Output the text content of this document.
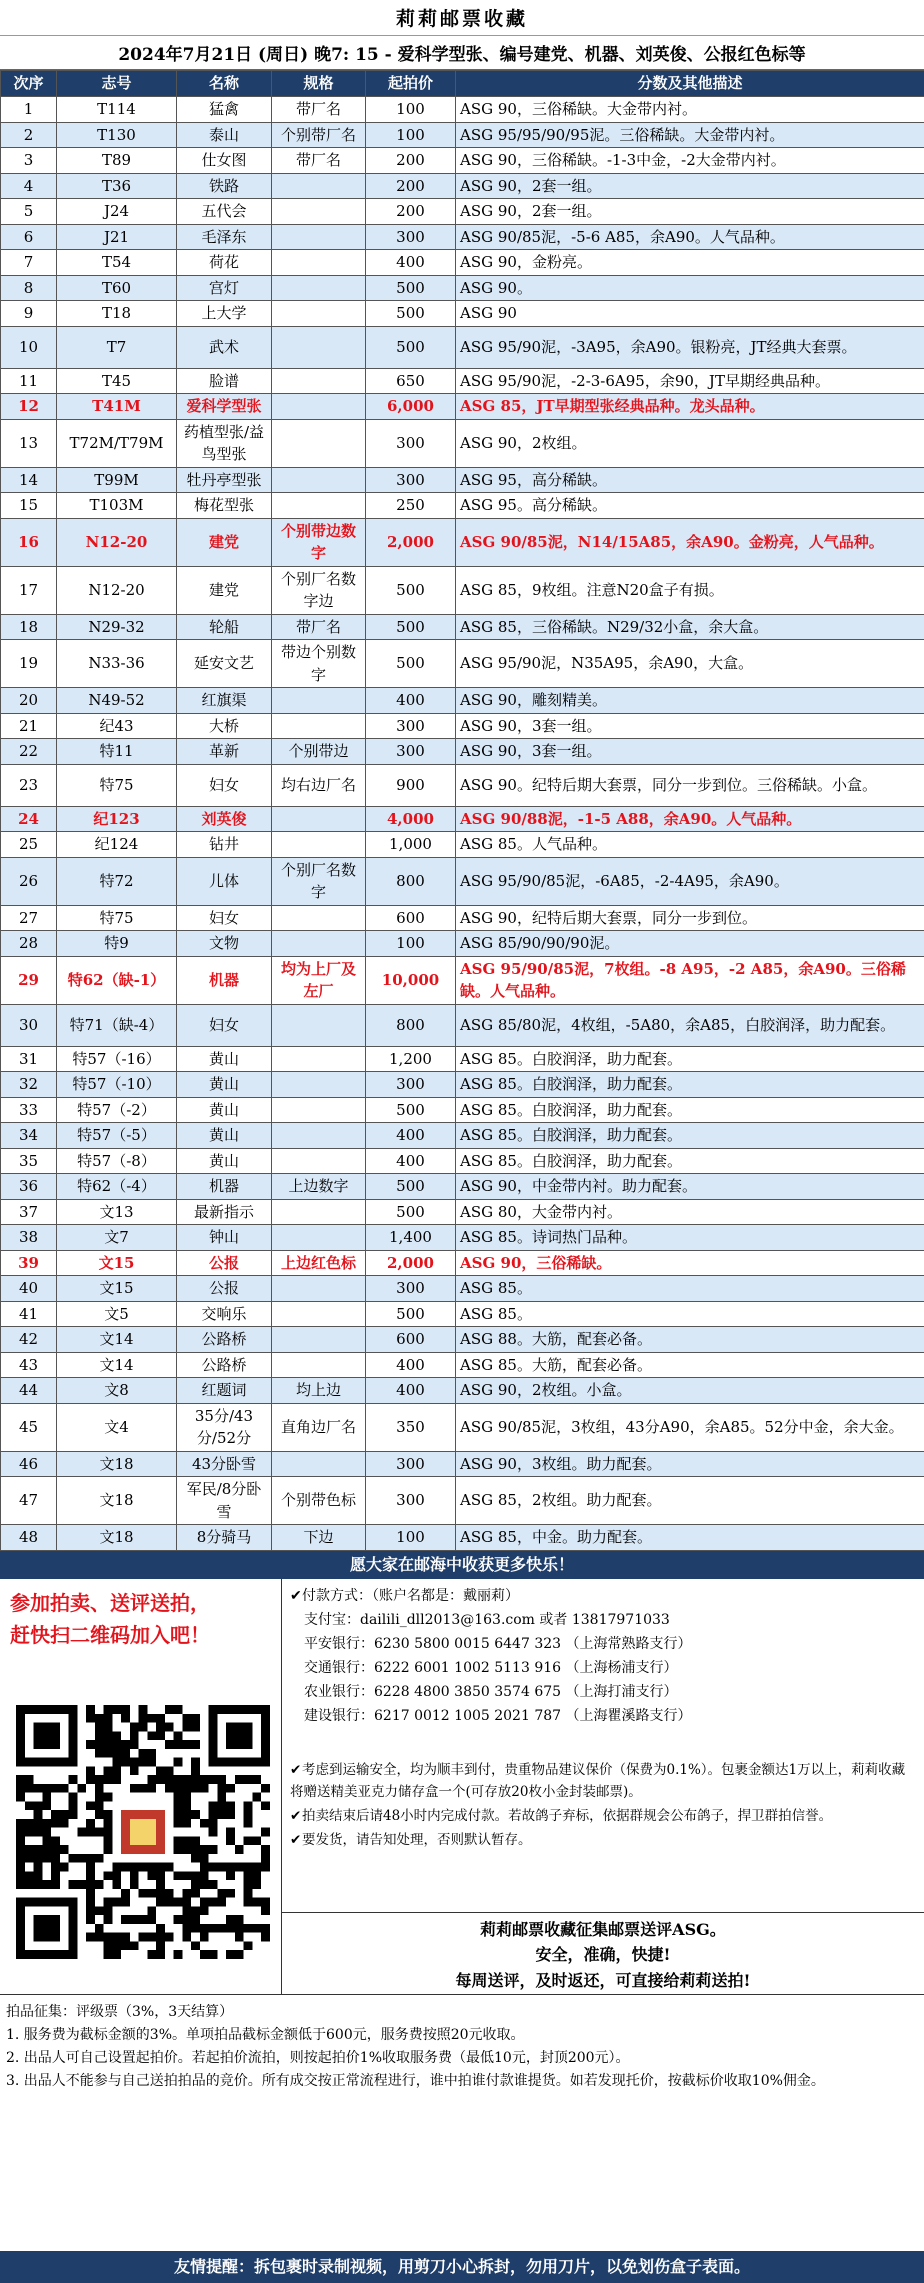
莉莉邮票收藏
2024年7月21日 (周日) 晚7: 15 - 爱科学型张、编号建党、机器、刘英俊、公报红色标等
次序	志号	名称	规格	起拍价	分数及其他描述
1	T114	猛禽	带厂名	100	ASG 90，三俗稀缺。大金带内衬。
2	T130	泰山	个别带厂名	100	ASG 95/95/90/95泥。三俗稀缺。大金带内衬。
3	T89	仕女图	带厂名	200	ASG 90，三俗稀缺。-1-3中金，-2大金带内衬。
4	T36	铁路		200	ASG 90，2套一组。
5	J24	五代会		200	ASG 90，2套一组。
6	J21	毛泽东		300	ASG 90/85泥，-5-6 A85，余A90。人气品种。
7	T54	荷花		400	ASG 90，金粉亮。
8	T60	宫灯		500	ASG 90。
9	T18	上大学		500	ASG 90
10	T7	武术		500	ASG 95/90泥，-3A95，余A90。银粉亮，JT经典大套票。
11	T45	脸谱		650	ASG 95/90泥，-2-3-6A95，余90，JT早期经典品种。
12	T41M	爱科学型张		6,000	ASG 85，JT早期型张经典品种。龙头品种。
13	T72M/T79M	药植型张/益鸟型张		300	ASG 90，2枚组。
14	T99M	牡丹亭型张		300	ASG 95，高分稀缺。
15	T103M	梅花型张		250	ASG 95。高分稀缺。
16	N12-20	建党	个别带边数字	2,000	ASG 90/85泥，N14/15A85，余A90。金粉亮，人气品种。
17	N12-20	建党	个别厂名数字边	500	ASG 85，9枚组。注意N20盒子有损。
18	N29-32	轮船	带厂名	500	ASG 85，三俗稀缺。N29/32小盒，余大盒。
19	N33-36	延安文艺	带边个别数字	500	ASG 95/90泥，N35A95，余A90，大盒。
20	N49-52	红旗渠		400	ASG 90，雕刻精美。
21	纪43	大桥		300	ASG 90，3套一组。
22	特11	革新	个别带边	300	ASG 90，3套一组。
23	特75	妇女	均右边厂名	900	ASG 90。纪特后期大套票，同分一步到位。三俗稀缺。小盒。
24	纪123	刘英俊		4,000	ASG 90/88泥，-1-5 A88，余A90。人气品种。
25	纪124	钻井		1,000	ASG 85。人气品种。
26	特72	儿体	个别厂名数字	800	ASG 95/90/85泥，-6A85，-2-4A95，余A90。
27	特75	妇女		600	ASG 90，纪特后期大套票，同分一步到位。
28	特9	文物		100	ASG 85/90/90/90泥。
29	特62（缺-1）	机器	均为上厂及左厂	10,000	ASG 95/90/85泥，7枚组。-8 A95，-2 A85，余A90。三俗稀缺。人气品种。
30	特71（缺-4）	妇女		800	ASG 85/80泥，4枚组，-5A80，余A85，白胶润泽，助力配套。
31	特57（-16）	黄山		1,200	ASG 85。白胶润泽，助力配套。
32	特57（-10）	黄山		300	ASG 85。白胶润泽，助力配套。
33	特57（-2）	黄山		500	ASG 85。白胶润泽，助力配套。
34	特57（-5）	黄山		400	ASG 85。白胶润泽，助力配套。
35	特57（-8）	黄山		400	ASG 85。白胶润泽，助力配套。
36	特62（-4）	机器	上边数字	500	ASG 90，中金带内衬。助力配套。
37	文13	最新指示		500	ASG 80，大金带内衬。
38	文7	钟山		1,400	ASG 85。诗词热门品种。
39	文15	公报	上边红色标	2,000	ASG 90，三俗稀缺。
40	文15	公报		300	ASG 85。
41	文5	交响乐		500	ASG 85。
42	文14	公路桥		600	ASG 88。大筋，配套必备。
43	文14	公路桥		400	ASG 85。大筋，配套必备。
44	文8	红题词	均上边	400	ASG 90，2枚组。小盒。
45	文4	35分/43分/52分	直角边厂名	350	ASG 90/85泥，3枚组，43分A90，余A85。52分中金，余大金。
46	文18	43分卧雪		300	ASG 90，3枚组。助力配套。
47	文18	军民/8分卧雪	个别带色标	300	ASG 85，2枚组。助力配套。
48	文18	8分骑马	下边	100	ASG 85，中金。助力配套。
愿大家在邮海中收获更多快乐！
参加拍卖、送评送拍，
赶快扫二维码加入吧！
✔付款方式：（账户名都是：戴丽莉）
支付宝：dailili_dll2013@163.com 或者 13817971033
平安银行：6230 5800 0015 6447 323 （上海常熟路支行）
交通银行：6222 6001 1002 5113 916 （上海杨浦支行）
农业银行：6228 4800 3850 3574 675 （上海打浦支行）
建设银行：6217 0012 1005 2021 787 （上海瞿溪路支行）

✔考虑到运输安全，均为顺丰到付，贵重物品建议保价（保费为0.1%）。包裹金额达1万以上，莉莉收藏将赠送精美亚克力储存盒一个(可存放20枚小金封装邮票)。

✔拍卖结束后请48小时内完成付款。若故鸽子弃标，依据群规会公布鸽子，捍卫群拍信誉。

✔要发货，请告知处理，否则默认暂存。

莉莉邮票收藏征集邮票送评ASG。
安全，准确，快捷!
每周送评，及时返还，可直接给莉莉送拍!
拍品征集：评级票（3%，3天结算）
1. 服务费为截标金额的3%。单项拍品截标金额低于600元，服务费按照20元收取。
2. 出品人可自己设置起拍价。若起拍价流拍，则按起拍价1%收取服务费（最低10元，封顶200元）。
3. 出品人不能参与自己送拍拍品的竞价。所有成交按正常流程进行，谁中拍谁付款谁提货。如若发现托价，按截标价收取10%佣金。
友情提醒：拆包裹时录制视频，用剪刀小心拆封，勿用刀片，以免划伤盒子表面。
